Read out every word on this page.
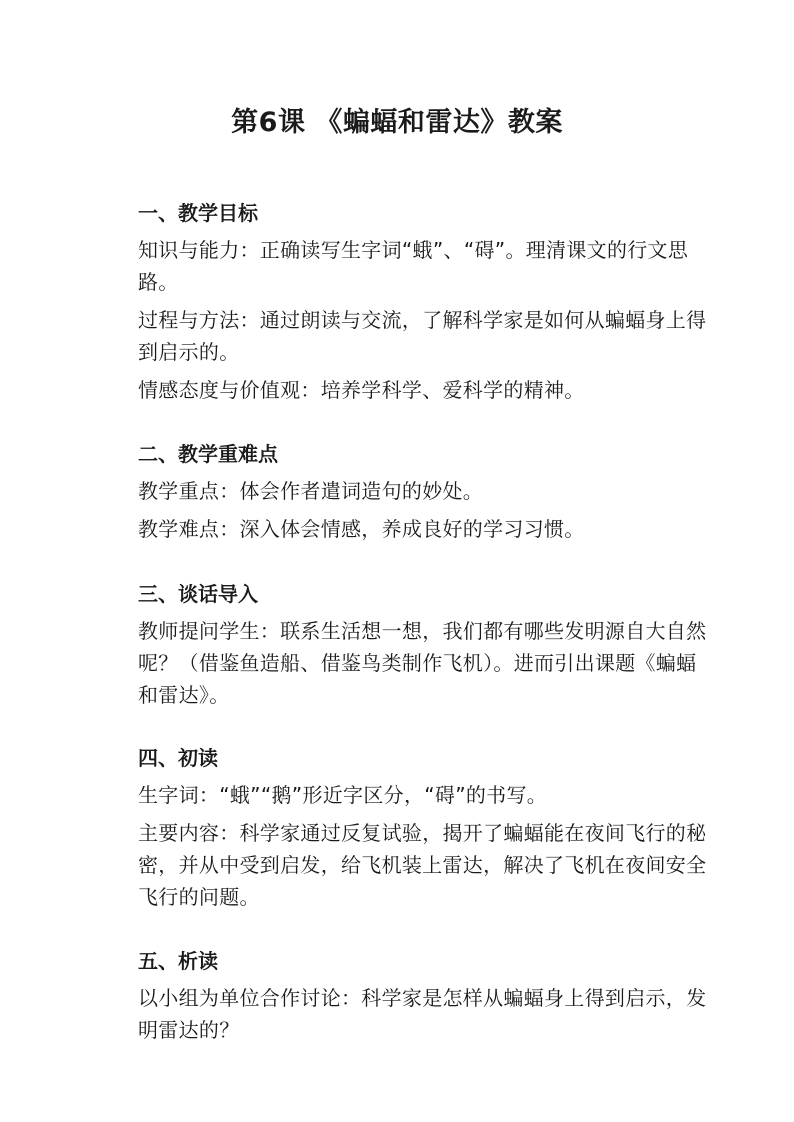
第6课 《蝙蝠和雷达》教案
一、教学目标
知识与能力：正确读写生字词“蛾”、“碍”。理清课文的行文思路。
过程与方法：通过朗读与交流，了解科学家是如何从蝙蝠身上得到启示的。
情感态度与价值观：培养学科学、爱科学的精神。
二、教学重难点
教学重点：体会作者遣词造句的妙处。
教学难点：深入体会情感，养成良好的学习习惯。
三、谈话导入
教师提问学生：联系生活想一想，我们都有哪些发明源自大自然呢？（借鉴鱼造船、借鉴鸟类制作飞机）。进而引出课题《蝙蝠和雷达》。
四、初读
生字词：“蛾”“鹅”形近字区分，“碍”的书写。
主要内容：科学家通过反复试验，揭开了蝙蝠能在夜间飞行的秘密，并从中受到启发，给飞机装上雷达，解决了飞机在夜间安全飞行的问题。
五、析读
以小组为单位合作讨论：科学家是怎样从蝙蝠身上得到启示，发明雷达的？
